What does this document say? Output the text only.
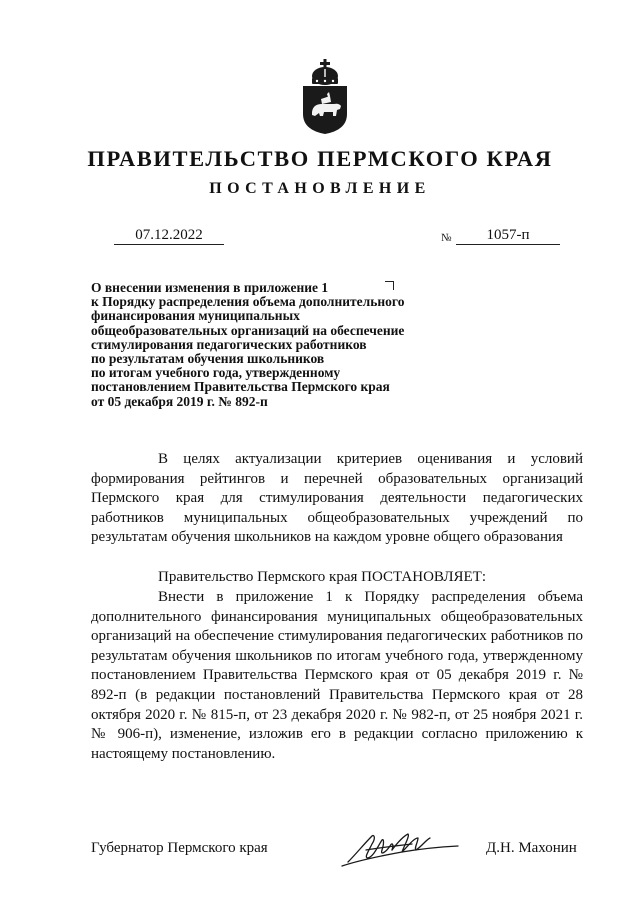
ПРАВИТЕЛЬСТВО ПЕРМСКОГО КРАЯ
ПОСТАНОВЛЕНИЕ
07.12.2022	№	1057-п
О внесении изменения в приложение 1
к Порядку распределения объема дополнительного
финансирования муниципальных
общеобразовательных организаций на обеспечение
стимулирования педагогических работников
по результатам обучения школьников
по итогам учебного года, утвержденному
постановлением Правительства Пермского края
от 05 декабря 2019 г. № 892-п
В целях актуализации критериев оценивания и условий формирования рейтингов и перечней образовательных организаций Пермского края для стимулирования деятельности педагогических работников муниципальных общеобразовательных учреждений по результатам обучения школьников на каждом уровне общего образования
Правительство Пермского края ПОСТАНОВЛЯЕТ:
Внести в приложение 1 к Порядку распределения объема дополнительного финансирования муниципальных общеобразовательных организаций на обеспечение стимулирования педагогических работников по результатам обучения школьников по итогам учебного года, утвержденному постановлением Правительства Пермского края от 05 декабря 2019 г. № 892-п (в редакции постановлений Правительства Пермского края от 28 октября 2020 г. № 815-п, от 23 декабря 2020 г. № 982-п, от 25 ноября 2021 г. № 906-п), изменение, изложив его в редакции согласно приложению к настоящему постановлению.
Губернатор Пермского края	Д.Н. Махонин
